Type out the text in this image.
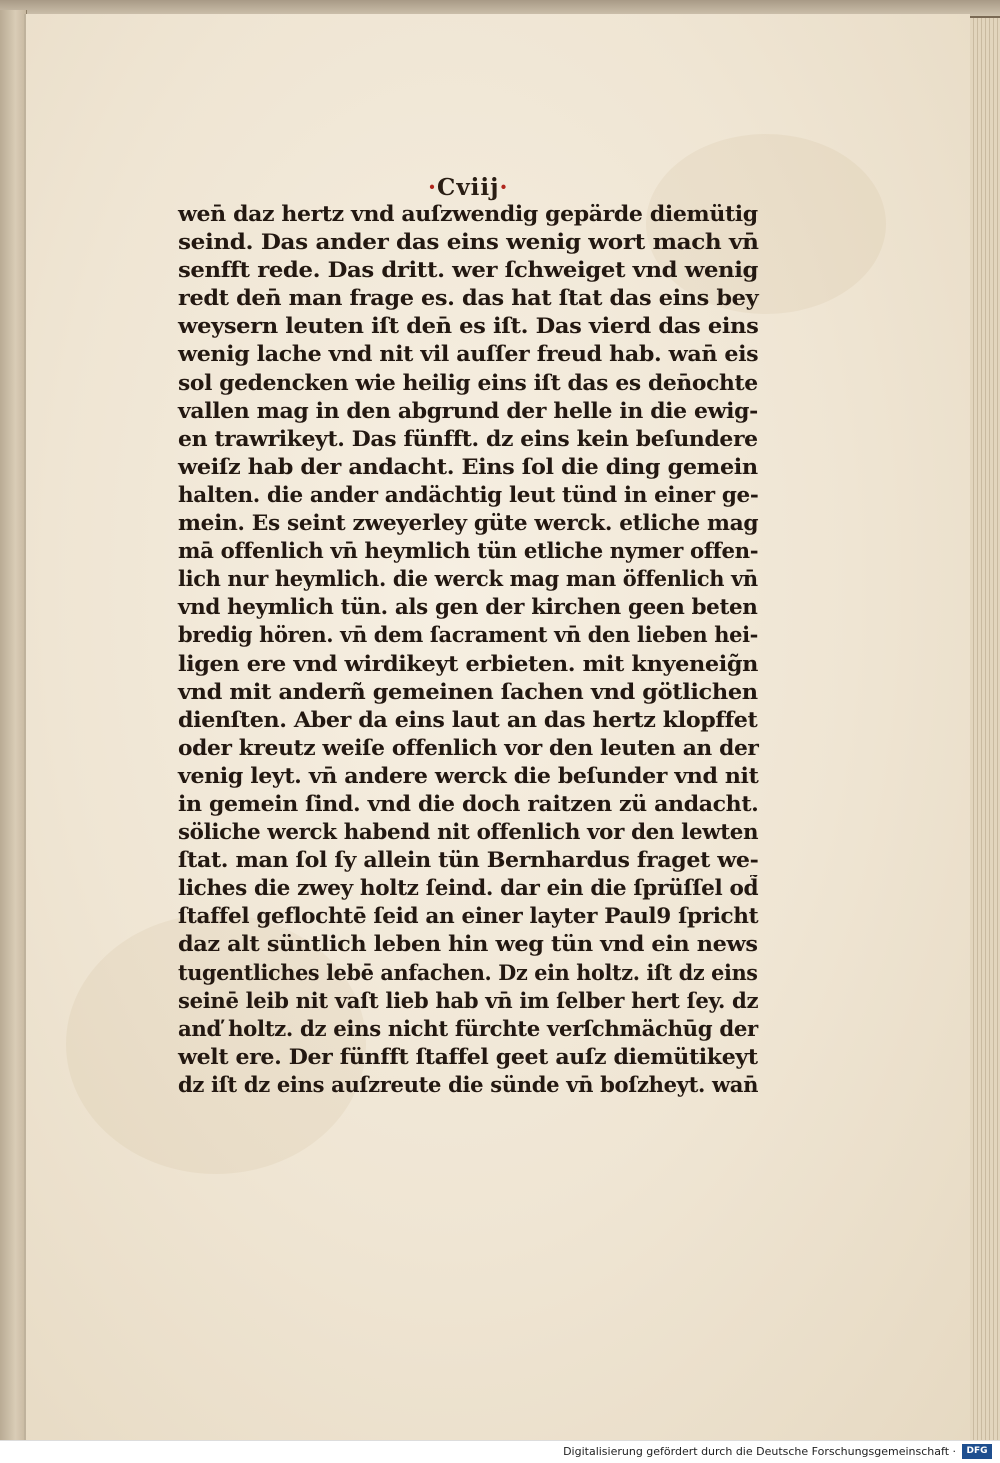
·Cviij·
wen̄ daz hertz vnd auſzwendig gepärde diemütig
seind. Das ander das eins wenig wort mach vn̄
senfft rede. Das dritt. wer ſchweiget vnd wenig
redt den̄ man frage es. das hat ſtat das eins bey
weysern leuten iſt den̄ es iſt. Das vierd das eins
wenig lache vnd nit vil auſſer freud hab. wan̄ eis
sol gedencken wie heilig eins iſt das es den̄ochte
vallen mag in den abgrund der helle in die ewig-
en trawrikeyt. Das fünfft. dz eins kein beſundere
weiſz hab der andacht. Eins ſol die ding gemein
halten. die ander andächtig leut tünd in einer ge-
mein. Es seint zweyerley güte werck. etliche mag
mā offenlich vn̄ heymlich tün etliche nymer offen-
lich nur heymlich. die werck mag man öffenlich vn̄
vnd heymlich tün. als gen der kirchen geen beten
bredig hören. vn̄ dem ſacrament vn̄ den lieben hei-
ligen ere vnd wirdikeyt erbieten. mit knyeneig̃n
vnd mit anderñ gemeinen ſachen vnd götlichen
dienſten. Aber da eins laut an das hertz klopffet
oder kreutz weiſe offenlich vor den leuten an der
venig leyt. vn̄ andere werck die beſunder vnd nit
in gemein ſind. vnd die doch raitzen zü andacht.
söliche werck habend nit offenlich vor den lewten
ſtat. man ſol ſy allein tün Bernhardus fraget we-
liches die zwey holtz ſeind. dar ein die ſprüſſel od̃
ſtaffel geflochtē ſeid an einer layter Paul9 ſpricht
daz alt süntlich leben hin weg tün vnd ein news
tugentliches lebē anfachen. Dz ein holtz. iſt dz eins
seinē leib nit vaſt lieb hab vn̄ im ſelber hert ſey. dz
anď holtz. dz eins nicht fürchte verſchmächūg der
welt ere. Der fünfft ſtaffel geet auſz diemütikeyt
dz iſt dz eins auſzreute die sünde vn̄ boſzheyt. wan̄
Digitalisierung gefördert durch die Deutsche Forschungsgemeinschaft ·	DFG
